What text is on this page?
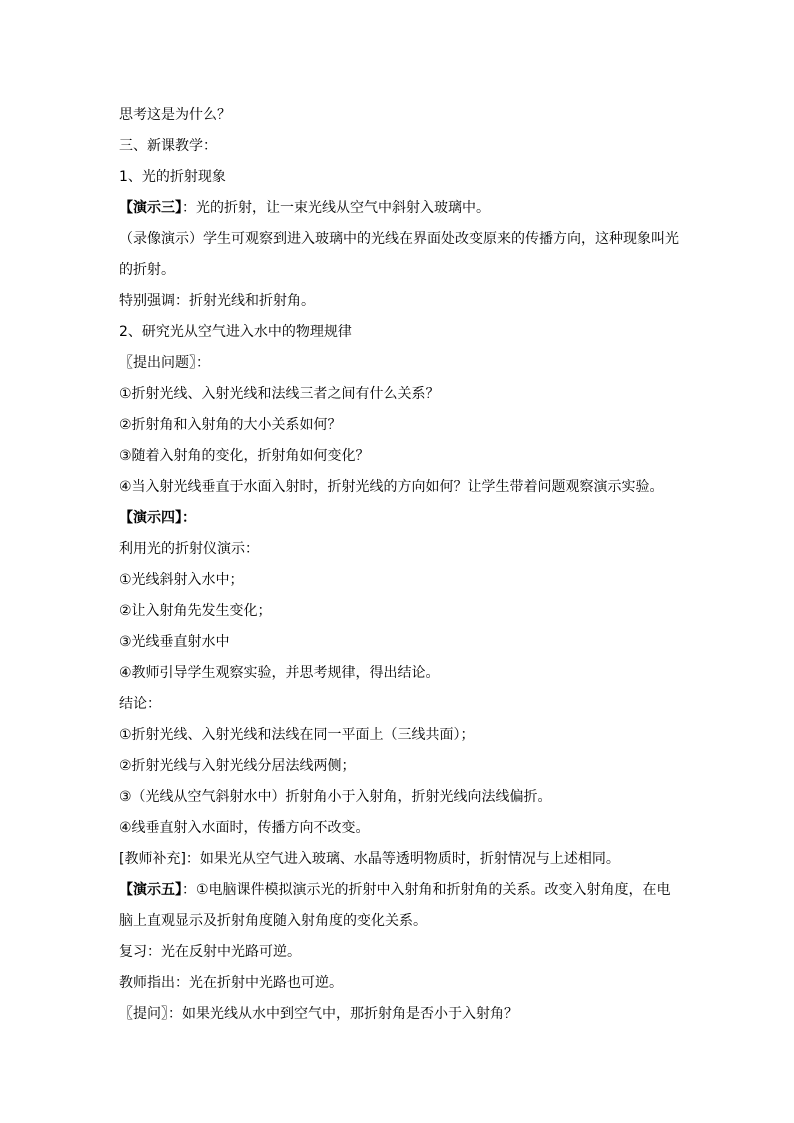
思考这是为什么？
三、新课教学：
1、光的折射现象
【演示三】：光的折射，让一束光线从空气中斜射入玻璃中。
（录像演示）学生可观察到进入玻璃中的光线在界面处改变原来的传播方向，这种现象叫光
的折射。
特别强调：折射光线和折射角。
2、研究光从空气进入水中的物理规律
〖提出问题〗：
①折射光线、入射光线和法线三者之间有什么关系？
②折射角和入射角的大小关系如何？
③随着入射角的变化，折射角如何变化？
④当入射光线垂直于水面入射时，折射光线的方向如何？让学生带着问题观察演示实验。
【演示四】：
利用光的折射仪演示：
①光线斜射入水中；
②让入射角先发生变化；
③光线垂直射水中
④教师引导学生观察实验，并思考规律，得出结论。
结论：
①折射光线、入射光线和法线在同一平面上（三线共面）；
②折射光线与入射光线分居法线两侧；
③（光线从空气斜射水中）折射角小于入射角，折射光线向法线偏折。
④线垂直射入水面时，传播方向不改变。
[教师补充]：如果光从空气进入玻璃、水晶等透明物质时，折射情况与上述相同。
【演示五】：①电脑课件模拟演示光的折射中入射角和折射角的关系。改变入射角度，在电
脑上直观显示及折射角度随入射角度的变化关系。
复习：光在反射中光路可逆。
教师指出：光在折射中光路也可逆。
〖提问〗：如果光线从水中到空气中，那折射角是否小于入射角？
